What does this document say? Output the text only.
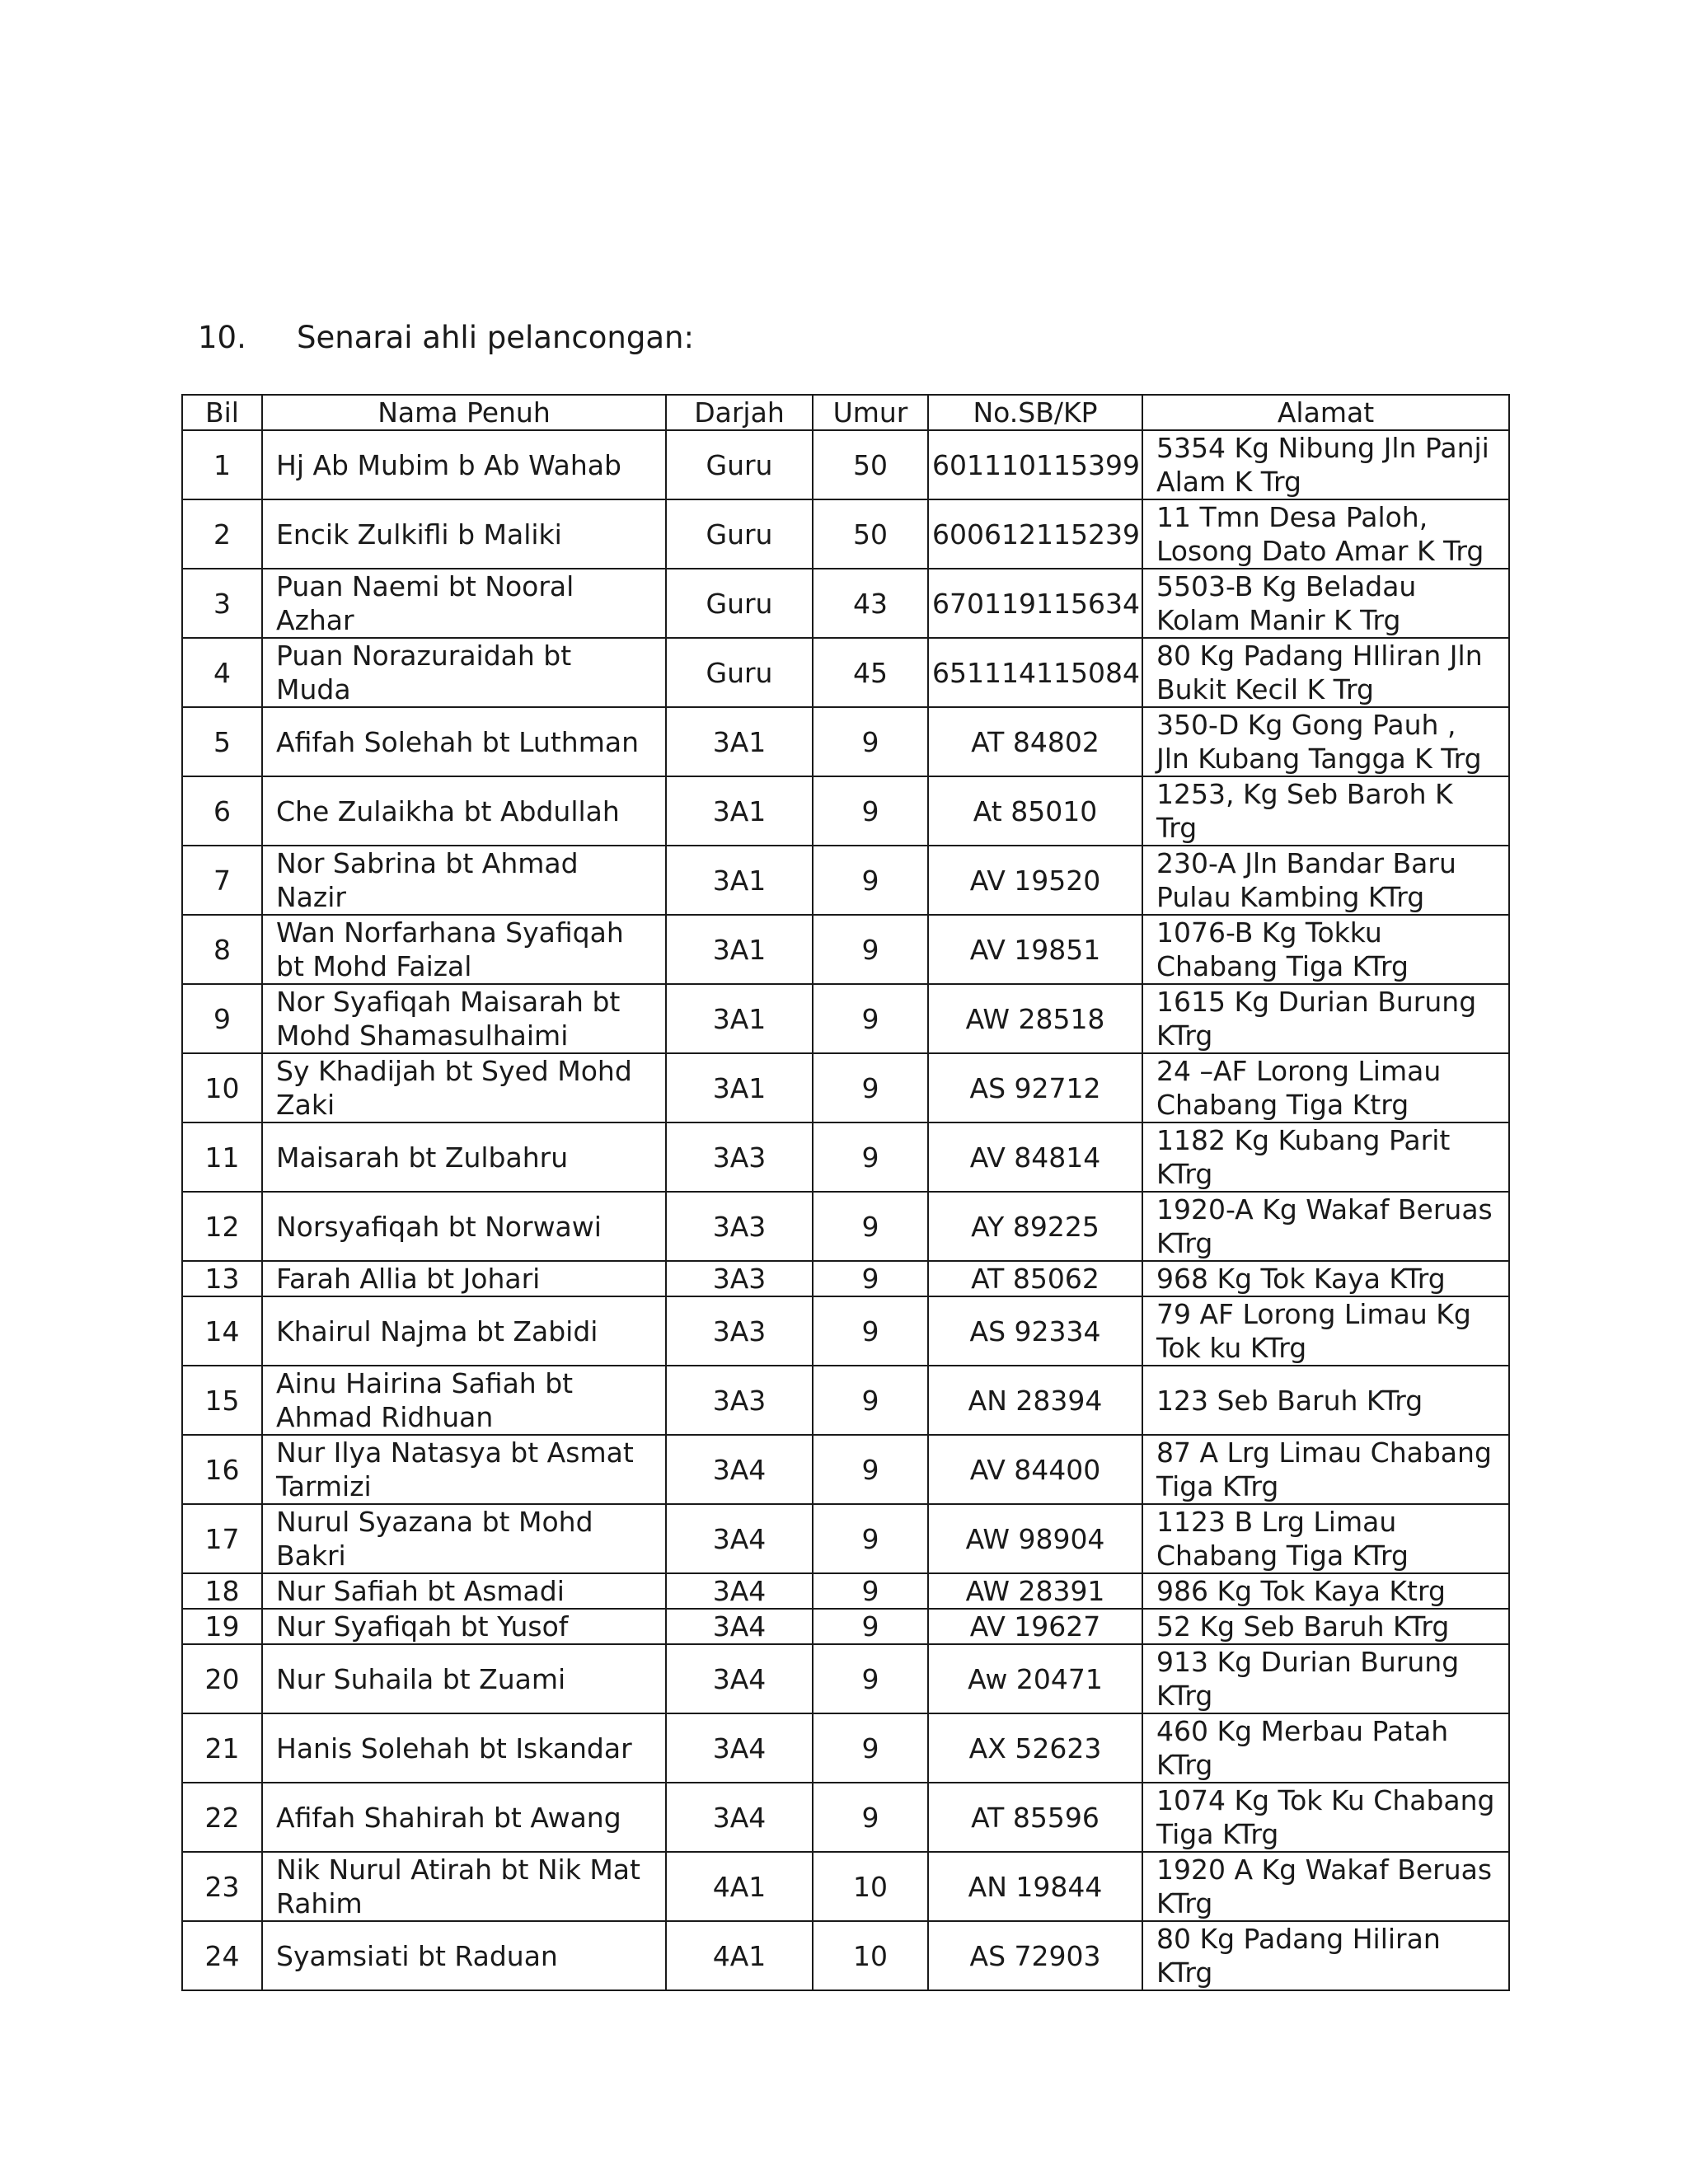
10. Senarai ahli pelancongan:
Bil	Nama Penuh	Darjah	Umur	No.SB/KP	Alamat
1	Hj Ab Mubim b Ab Wahab	Guru	50	601110115399	5354 Kg Nibung Jln Panji Alam K Trg
2	Encik Zulkifli b Maliki	Guru	50	600612115239	11 Tmn Desa Paloh, Losong Dato Amar K Trg
3	Puan Naemi bt Nooral Azhar	Guru	43	670119115634	5503-B Kg Beladau Kolam Manir K Trg
4	Puan Norazuraidah bt Muda	Guru	45	651114115084	80 Kg Padang HIliran Jln Bukit Kecil K Trg
5	Afifah Solehah bt Luthman	3A1	9	AT 84802	350-D Kg Gong Pauh , Jln Kubang Tangga K Trg
6	Che Zulaikha bt Abdullah	3A1	9	At 85010	1253, Kg Seb Baroh K Trg
7	Nor Sabrina bt Ahmad Nazir	3A1	9	AV 19520	230-A Jln Bandar Baru Pulau Kambing KTrg
8	Wan Norfarhana Syafiqah bt Mohd Faizal	3A1	9	AV 19851	1076-B Kg Tokku Chabang Tiga KTrg
9	Nor Syafiqah Maisarah bt Mohd Shamasulhaimi	3A1	9	AW 28518	1615 Kg Durian Burung KTrg
10	Sy Khadijah bt Syed Mohd Zaki	3A1	9	AS 92712	24 –AF Lorong Limau Chabang Tiga Ktrg
11	Maisarah bt Zulbahru	3A3	9	AV 84814	1182 Kg Kubang Parit KTrg
12	Norsyafiqah bt Norwawi	3A3	9	AY 89225	1920-A Kg Wakaf Beruas KTrg
13	Farah Allia bt Johari	3A3	9	AT 85062	968 Kg Tok Kaya KTrg
14	Khairul Najma bt Zabidi	3A3	9	AS 92334	79 AF Lorong Limau Kg Tok ku KTrg
15	Ainu Hairina Safiah bt Ahmad Ridhuan	3A3	9	AN 28394	123 Seb Baruh KTrg
16	Nur Ilya Natasya bt Asmat Tarmizi	3A4	9	AV 84400	87 A Lrg Limau Chabang Tiga KTrg
17	Nurul Syazana bt Mohd Bakri	3A4	9	AW 98904	1123 B Lrg Limau Chabang Tiga KTrg
18	Nur Safiah bt Asmadi	3A4	9	AW 28391	986 Kg Tok Kaya Ktrg
19	Nur Syafiqah bt Yusof	3A4	9	AV 19627	52 Kg Seb Baruh KTrg
20	Nur Suhaila bt Zuami	3A4	9	Aw 20471	913 Kg Durian Burung KTrg
21	Hanis Solehah bt Iskandar	3A4	9	AX 52623	460 Kg Merbau Patah KTrg
22	Afifah Shahirah bt Awang	3A4	9	AT 85596	1074 Kg Tok Ku Chabang Tiga KTrg
23	Nik Nurul Atirah bt Nik Mat Rahim	4A1	10	AN 19844	1920 A Kg Wakaf Beruas KTrg
24	Syamsiati bt Raduan	4A1	10	AS 72903	80 Kg Padang Hiliran KTrg
